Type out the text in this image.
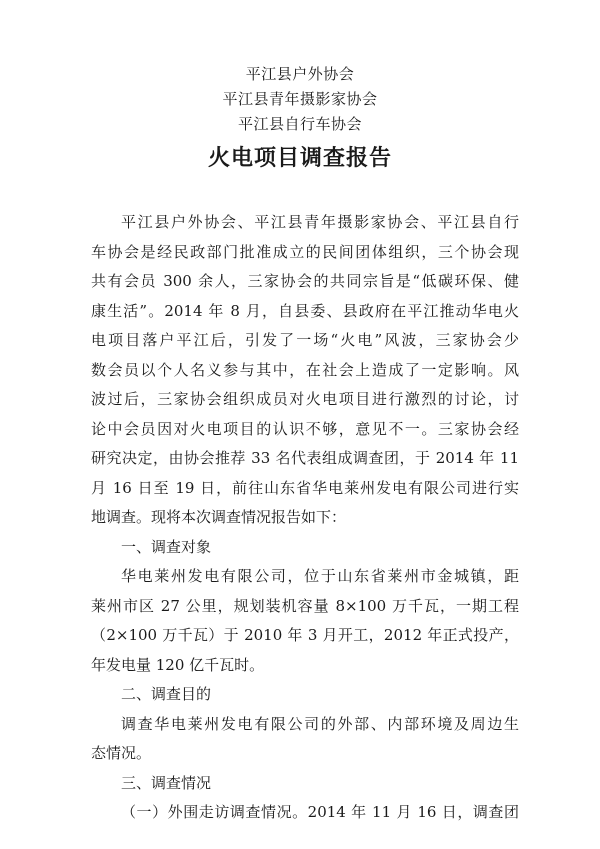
平江县户外协会
平江县青年摄影家协会
平江县自行车协会
火电项目调查报告
平江县户外协会、平江县青年摄影家协会、平江县自行
车协会是经民政部门批准成立的民间团体组织，三个协会现
共有会员 300 余人，三家协会的共同宗旨是“低碳环保、健
康生活”。2014 年 8 月，自县委、县政府在平江推动华电火
电项目落户平江后，引发了一场“火电”风波，三家协会少
数会员以个人名义参与其中，在社会上造成了一定影响。风
波过后，三家协会组织成员对火电项目进行激烈的讨论，讨
论中会员因对火电项目的认识不够，意见不一。三家协会经
研究决定，由协会推荐 33 名代表组成调查团，于 2014 年 11
月 16 日至 19 日，前往山东省华电莱州发电有限公司进行实
地调查。现将本次调查情况报告如下：
一、调查对象
华电莱州发电有限公司，位于山东省莱州市金城镇，距
莱州市区 27 公里，规划装机容量 8×100 万千瓦，一期工程
（2×100 万千瓦）于 2010 年 3 月开工，2012 年正式投产，
年发电量 120 亿千瓦时。
二、调查目的
调查华电莱州发电有限公司的外部、内部环境及周边生
态情况。
三、调查情况
（一）外围走访调查情况。2014 年 11 月 16 日，调查团
